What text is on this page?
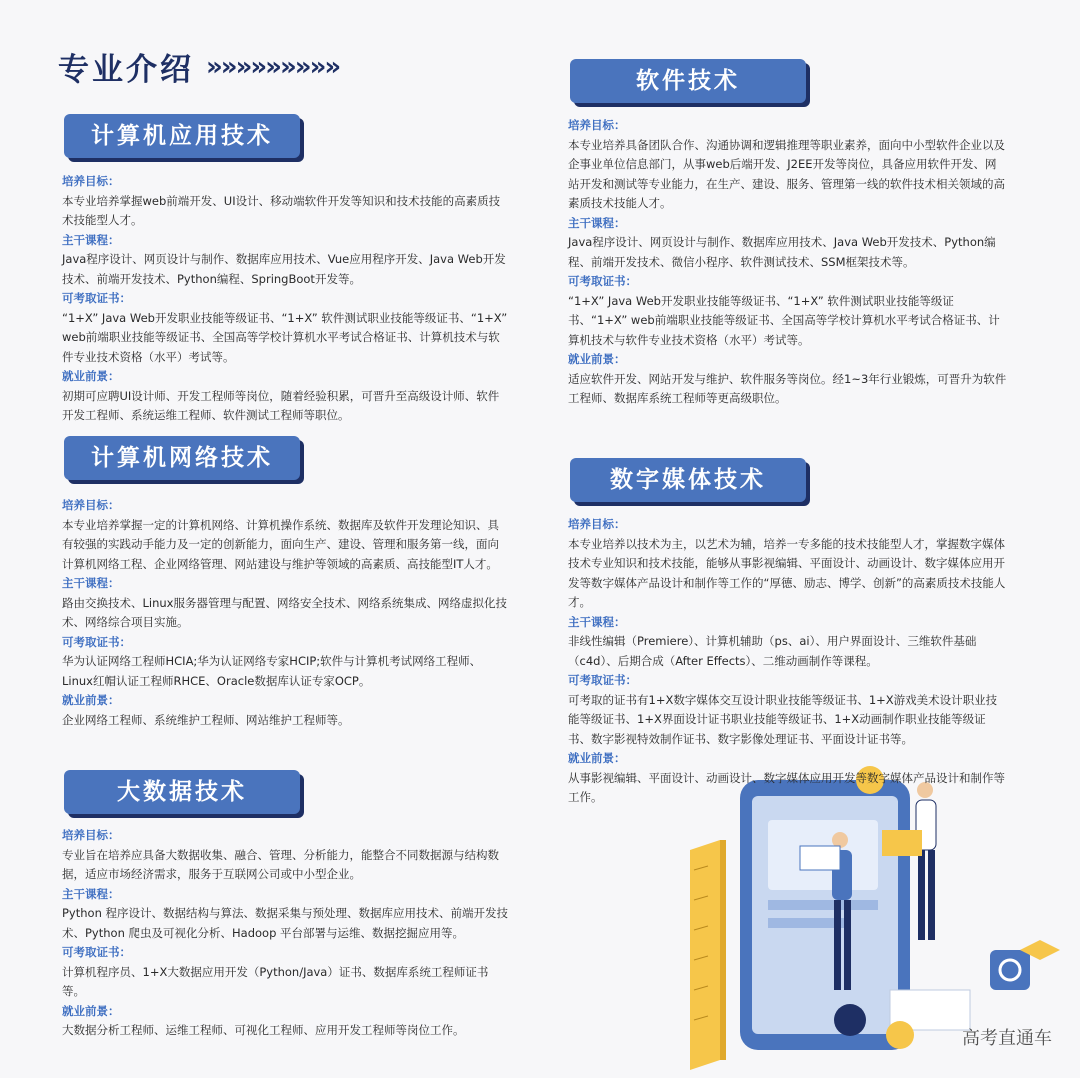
专业介绍 »»»»»»»»»
高考直通车
计算机应用技术

培养目标：

本专业培养掌握web前端开发、UI设计、移动端软件开发等知识和技术技能的高素质技术技能型人才。

主干课程：

Java程序设计、网页设计与制作、数据库应用技术、Vue应用程序开发、Java Web开发技术、前端开发技术、Python编程、SpringBoot开发等。

可考取证书：

“1+X” Java Web开发职业技能等级证书、“1+X” 软件测试职业技能等级证书、“1+X” web前端职业技能等级证书、全国高等学校计算机水平考试合格证书、计算机技术与软件专业技术资格（水平）考试等。

就业前景：

初期可应聘UI设计师、开发工程师等岗位，随着经验积累，可晋升至高级设计师、软件开发工程师、系统运维工程师、软件测试工程师等职位。

计算机网络技术

培养目标：

本专业培养掌握一定的计算机网络、计算机操作系统、数据库及软件开发理论知识、具有较强的实践动手能力及一定的创新能力，面向生产、建设、管理和服务第一线，面向计算机网络工程、企业网络管理、网站建设与维护等领域的高素质、高技能型IT人才。

主干课程：

路由交换技术、Linux服务器管理与配置、网络安全技术、网络系统集成、网络虚拟化技术、网络综合项目实施。

可考取证书：

华为认证网络工程师HCIA;华为认证网络专家HCIP;软件与计算机考试网络工程师、Linux红帽认证工程师RHCE、Oracle数据库认证专家OCP。

就业前景：

企业网络工程师、系统维护工程师、网站维护工程师等。

大数据技术

培养目标：

专业旨在培养应具备大数据收集、融合、管理、分析能力，能整合不同数据源与结构数据，适应市场经济需求，服务于互联网公司或中小型企业。

主干课程：

Python 程序设计、数据结构与算法、数据采集与预处理、数据库应用技术、前端开发技术、Python 爬虫及可视化分析、Hadoop 平台部署与运维、数据挖掘应用等。

可考取证书：

计算机程序员、1+X大数据应用开发（Python/Java）证书、数据库系统工程师证书等。

就业前景：

大数据分析工程师、运维工程师、可视化工程师、应用开发工程师等岗位工作。

软件技术

培养目标：

本专业培养具备团队合作、沟通协调和逻辑推理等职业素养，面向中小型软件企业以及企事业单位信息部门，从事web后端开发、J2EE开发等岗位，具备应用软件开发、网站开发和测试等专业能力，在生产、建设、服务、管理第一线的软件技术相关领域的高素质技术技能人才。

主干课程：

Java程序设计、网页设计与制作、数据库应用技术、Java Web开发技术、Python编程、前端开发技术、微信小程序、软件测试技术、SSM框架技术等。

可考取证书：

“1+X” Java Web开发职业技能等级证书、“1+X” 软件测试职业技能等级证书、“1+X” web前端职业技能等级证书、全国高等学校计算机水平考试合格证书、计算机技术与软件专业技术资格（水平）考试等。

就业前景：

适应软件开发、网站开发与维护、软件服务等岗位。经1~3年行业锻炼，可晋升为软件工程师、数据库系统工程师等更高级职位。

数字媒体技术

培养目标：

本专业培养以技术为主，以艺术为辅，培养一专多能的技术技能型人才，掌握数字媒体技术专业知识和技术技能，能够从事影视编辑、平面设计、动画设计、数字媒体应用开发等数字媒体产品设计和制作等工作的“厚德、励志、博学、创新”的高素质技术技能人才。

主干课程：

非线性编辑（Premiere）、计算机辅助（ps、ai）、用户界面设计、三维软件基础（c4d）、后期合成（After Effects）、二维动画制作等课程。

可考取证书：

可考取的证书有1+X数字媒体交互设计职业技能等级证书、1+X游戏美术设计职业技能等级证书、1+X界面设计证书职业技能等级证书、1+X动画制作职业技能等级证书、数字影视特效制作证书、数字影像处理证书、平面设计证书等。

就业前景：

从事影视编辑、平面设计、动画设计、数字媒体应用开发等数字媒体产品设计和制作等工作。
